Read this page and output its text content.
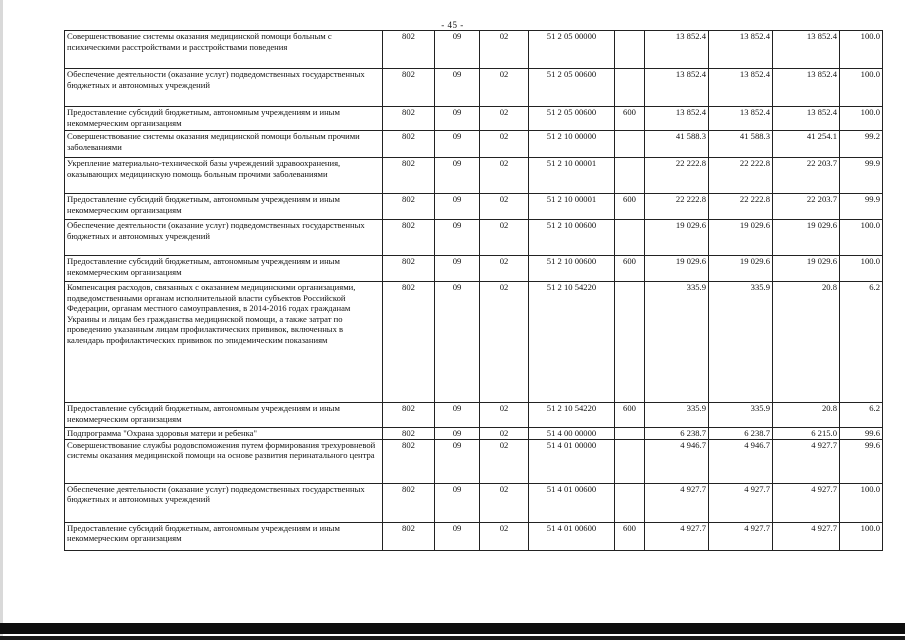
- 45 -
Совершенствование системы оказания медицинской помощи больным с психическими расстройствами и расстройствами поведения	802	09	02	51 2 05 00000		13 852.4	13 852.4	13 852.4	100.0
Обеспечение деятельности (оказание услуг) подведомственных государственных бюджетных и автономных учреждений	802	09	02	51 2 05 00600		13 852.4	13 852.4	13 852.4	100.0
Предоставление субсидий бюджетным, автономным учреждениям и иным некоммерческим организациям	802	09	02	51 2 05 00600	600	13 852.4	13 852.4	13 852.4	100.0
Совершенствование системы оказания медицинской помощи больным прочими заболеваниями	802	09	02	51 2 10 00000		41 588.3	41 588.3	41 254.1	99.2
Укрепление материально-технической базы учреждений здравоохранения, оказывающих медицинскую помощь больным прочими заболеваниями	802	09	02	51 2 10 00001		22 222.8	22 222.8	22 203.7	99.9
Предоставление субсидий бюджетным, автономным учреждениям и иным некоммерческим организациям	802	09	02	51 2 10 00001	600	22 222.8	22 222.8	22 203.7	99.9
Обеспечение деятельности (оказание услуг) подведомственных государственных бюджетных и автономных учреждений	802	09	02	51 2 10 00600		19 029.6	19 029.6	19 029.6	100.0
Предоставление субсидий бюджетным, автономным учреждениям и иным некоммерческим организациям	802	09	02	51 2 10 00600	600	19 029.6	19 029.6	19 029.6	100.0
Компенсация расходов, связанных с оказанием медицинскими организациями, подведомственными органам исполнительной власти субъектов Российской Федерации, органам местного самоуправления, в 2014-2016 годах гражданам Украины и лицам без гражданства медицинской помощи, а также затрат по проведению указанным лицам профилактических прививок, включенных в календарь профилактических прививок по эпидемическим показаниям	802	09	02	51 2 10 54220		335.9	335.9	20.8	6.2
Предоставление субсидий бюджетным, автономным учреждениям и иным некоммерческим организациям	802	09	02	51 2 10 54220	600	335.9	335.9	20.8	6.2
Подпрограмма "Охрана здоровья матери и ребенка"	802	09	02	51 4 00 00000		6 238.7	6 238.7	6 215.0	99.6
Совершенствование службы родовспоможения путем формирования трехуровневой системы оказания медицинской помощи на основе развития перинатального центра	802	09	02	51 4 01 00000		4 946.7	4 946.7	4 927.7	99.6
Обеспечение деятельности (оказание услуг) подведомственных государственных бюджетных и автономных учреждений	802	09	02	51 4 01 00600		4 927.7	4 927.7	4 927.7	100.0
Предоставление субсидий бюджетным, автономным учреждениям и иным некоммерческим организациям	802	09	02	51 4 01 00600	600	4 927.7	4 927.7	4 927.7	100.0
